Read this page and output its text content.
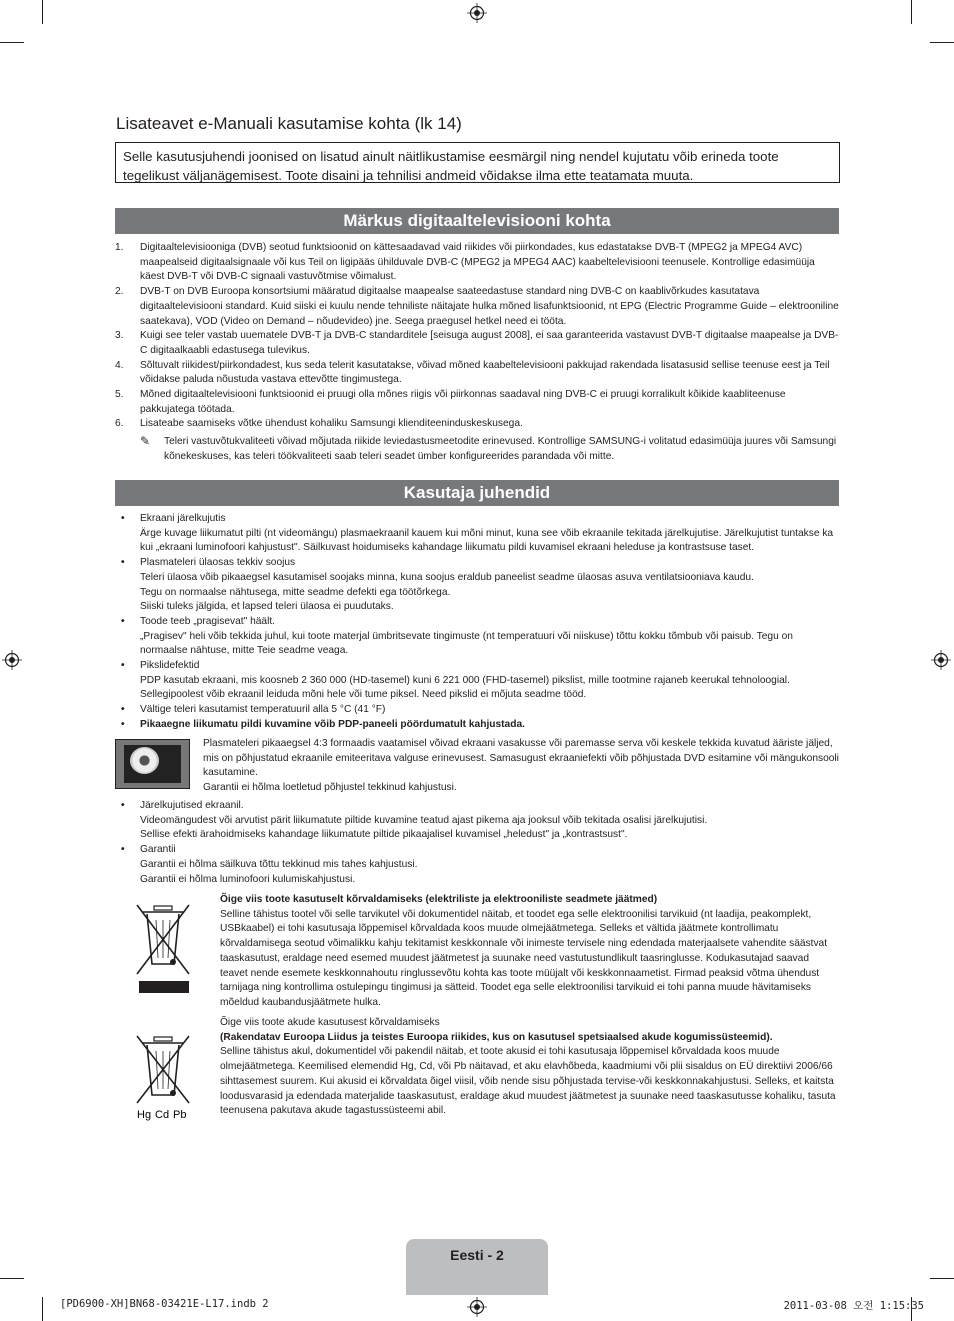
Lisateavet e-Manuali kasutamise kohta (lk 14)
Selle kasutusjuhendi joonised on lisatud ainult näitlikustamise eesmärgil ning nendel kujutatu võib erineda toote tegelikust väljanägemisest. Toote disaini ja tehnilisi andmeid võidakse ilma ette teatamata muuta.
Märkus digitaaltelevisiooni kohta
1. Digitaaltelevisiooniga (DVB) seotud funktsioonid on kättesaadavad vaid riikides või piirkondades, kus edastatakse DVB-T (MPEG2 ja MPEG4 AVC) maapealseid digitaalsignaale või kus Teil on ligipääs ühilduvale DVB-C (MPEG2 ja MPEG4 AAC) kaabeltelevisiooni teenusele. Kontrollige edasimüüja käest DVB-T või DVB-C signaali vastuvõtmise võimalust.
2. DVB-T on DVB Euroopa konsortsiumi määratud digitaalse maapealse saateedastuse standard ning DVB-C on kaablivõrkudes kasutatava digitaaltelevisiooni standard. Kuid siiski ei kuulu nende tehniliste näitajate hulka mõned lisafunktsioonid, nt EPG (Electric Programme Guide – elektrooniline saatekava), VOD (Video on Demand – nõudevideo) jne. Seega praegusel hetkel need ei tööta.
3. Kuigi see teler vastab uuematele DVB-T ja DVB-C standarditele [seisuga august 2008], ei saa garanteerida vastavust DVB-T digitaalse maapealse ja DVB-C digitaalkaabli edastusega tulevikus.
4. Sõltuvalt riikidest/piirkondadest, kus seda telerit kasutatakse, võivad mõned kaabeltelevisiooni pakkujad rakendada lisatasusid sellise teenuse eest ja Teil võidakse paluda nõustuda vastava ettevõtte tingimustega.
5. Mõned digitaaltelevisiooni funktsioonid ei pruugi olla mõnes riigis või piirkonnas saadaval ning DVB-C ei pruugi korralikult kõikide kaabliteenuse pakkujatega töötada.
6. Lisateabe saamiseks võtke ühendust kohaliku Samsungi klienditeeninduskeskusega.
✎ Teleri vastuvõtukvaliteeti võivad mõjutada riikide leviedastusmeetodite erinevused. Kontrollige SAMSUNG-i volitatud edasimüüja juures või Samsungi kõnekeskuses, kas teleri töökvaliteeti saab teleri seadet ümber konfigureerides parandada või mitte.
Kasutaja juhendid
• Ekraani järelkujutis
Ärge kuvage liikumatut pilti (nt videomängu) plasmaekraanil kauem kui mõni minut, kuna see võib ekraanile tekitada järelkujutise. Järelkujutist tuntakse ka kui „ekraani luminofoori kahjustust". Säilkuvast hoidumiseks kahandage liikumatu pildi kuvamisel ekraani heleduse ja kontrastsuse taset.
• Plasmateleri ülaosas tekkiv soojus
Teleri ülaosa võib pikaaegsel kasutamisel soojaks minna, kuna soojus eraldub paneelist seadme ülaosas asuva ventilatsiooniava kaudu.
Tegu on normaalse nähtusega, mitte seadme defekti ega töötõrkega.
Siiski tuleks jälgida, et lapsed teleri ülaosa ei puudutaks.
• Toode teeb „pragisevat" häält.
„Pragisev" heli võib tekkida juhul, kui toote materjal ümbritsevate tingimuste (nt temperatuuri või niiskuse) tõttu kokku tõmbub või paisub. Tegu on normaalse nähtuse, mitte Teie seadme veaga.
• Pikslidefektid
PDP kasutab ekraani, mis koosneb 2 360 000 (HD-tasemel) kuni 6 221 000 (FHD-tasemel) pikslist, mille tootmine rajaneb keerukal tehnoloogial. Sellegipoolest võib ekraanil leiduda mõni hele või tume piksel. Need pikslid ei mõjuta seadme tööd.
• Vältige teleri kasutamist temperatuuril alla 5 °C (41 °F)
• Pikaaegne liikumatu pildi kuvamine võib PDP-paneeli pöördumatult kahjustada.
Plasmateleri pikaaegsel 4:3 formaadis vaatamisel võivad ekraani vasakusse või paremasse serva või keskele tekkida kuvatud ääriste jäljed, mis on põhjustatud ekraanile emiteeritava valguse erinevusest. Samasugust ekraaniefekti võib põhjustada DVD esitamine või mängukonsooli kasutamine.
Garantii ei hõlma loetletud põhjustel tekkinud kahjustusi.
• Järelkujutised ekraanil.
Videomängudest või arvutist pärit liikumatute piltide kuvamine teatud ajast pikema aja jooksul võib tekitada osalisi järelkujutisi.
Sellise efekti ärahoidmiseks kahandage liikumatute piltide pikaajalisel kuvamisel „heledust" ja „kontrastsust".
• Garantii
Garantii ei hõlma säilkuva tõttu tekkinud mis tahes kahjustusi.
Garantii ei hõlma luminofoori kulumiskahjustusi.
Õige viis toote kasutuselt kõrvaldamiseks (elektriliste ja elektrooniliste seadmete jäätmed)
Selline tähistus tootel või selle tarvikutel või dokumentidel näitab, et toodet ega selle elektroonilisi tarvikuid (nt laadija, peakomplekt, USBkaabel) ei tohi kasutusaja lõppemisel kõrvaldada koos muude olmejäätmetega. Selleks et vältida jäätmete kontrollimatu kõrvaldamisega seotud võimalikku kahju tekitamist keskkonnale või inimeste tervisele ning edendada materjaalsete vahendite säästvat taaskasutust, eraldage need esemed muudest jäätmetest ja suunake need vastutustundlikult taasringlusse. Kodukasutajad saavad teavet nende esemete keskkonnahoutu ringlussevõtu kohta kas toote müüjalt või keskkonnaametist. Firmad peaksid võtma ühendust tarnijaga ning kontrollima ostulepingu tingimusi ja sätteid. Toodet ega selle elektroonilisi tarvikuid ei tohi panna muude hävitamiseks mõeldud kaubandusjäätmete hulka.
Hg Cd Pb
Õige viis toote akude kasutusest kõrvaldamiseks
(Rakendatav Euroopa Liidus ja teistes Euroopa riikides, kus on kasutusel spetsiaalsed akude kogumissüsteemid).
Selline tähistus akul, dokumentidel või pakendil näitab, et toote akusid ei tohi kasutusaja lõppemisel kõrvaldada koos muude olmejäätmetega. Keemilised elemendid Hg, Cd, või Pb näitavad, et aku elavhõbeda, kaadmiumi või plii sisaldus on EÜ direktiivi 2006/66 sihttasemest suurem. Kui akusid ei kõrvaldata õigel viisil, võib nende sisu põhjustada tervise-või keskkonnakahjustusi. Selleks, et kaitsta loodusvarasid ja edendada materjalide taaskasutust, eraldage akud muudest jäätmetest ja suunake need taaskasutusse kohaliku, tasuta teenusena pakutava akude tagastussüsteemi abil.
Eesti - 2
[PD6900-XH]BN68-03421E-L17.indb 2	2011-03-08 오전 1:15:35
